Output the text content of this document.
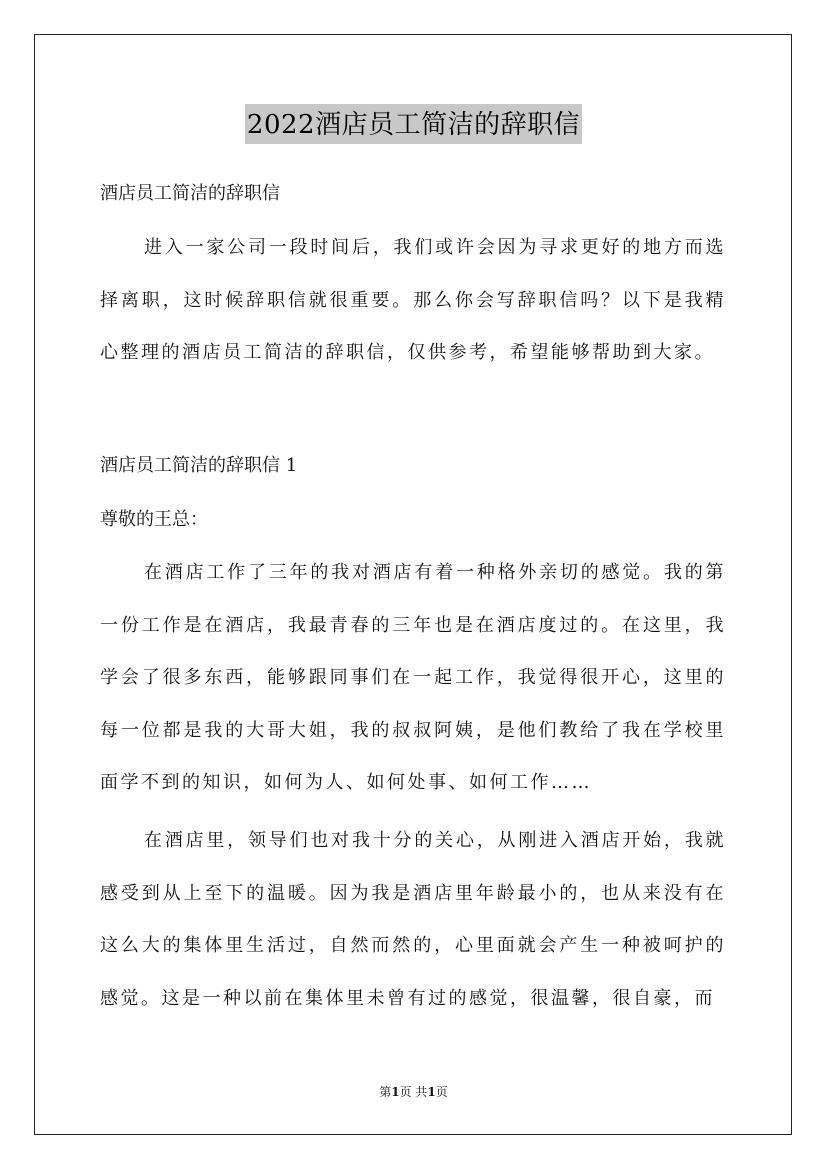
2022酒店员工简洁的辞职信
酒店员工简洁的辞职信
进入一家公司一段时间后，我们或许会因为寻求更好的地方而选择离职，这时候辞职信就很重要。那么你会写辞职信吗？以下是我精心整理的酒店员工简洁的辞职信，仅供参考，希望能够帮助到大家。
酒店员工简洁的辞职信 1
尊敬的王总：
在酒店工作了三年的我对酒店有着一种格外亲切的感觉。我的第一份工作是在酒店，我最青春的三年也是在酒店度过的。在这里，我学会了很多东西，能够跟同事们在一起工作，我觉得很开心，这里的每一位都是我的大哥大姐，我的叔叔阿姨，是他们教给了我在学校里面学不到的知识，如何为人、如何处事、如何工作……
在酒店里，领导们也对我十分的关心，从刚进入酒店开始，我就感受到从上至下的温暖。因为我是酒店里年龄最小的，也从来没有在这么大的集体里生活过，自然而然的，心里面就会产生一种被呵护的感觉。这是一种以前在集体里未曾有过的感觉，很温馨，很自豪，而
第1页 共1页
